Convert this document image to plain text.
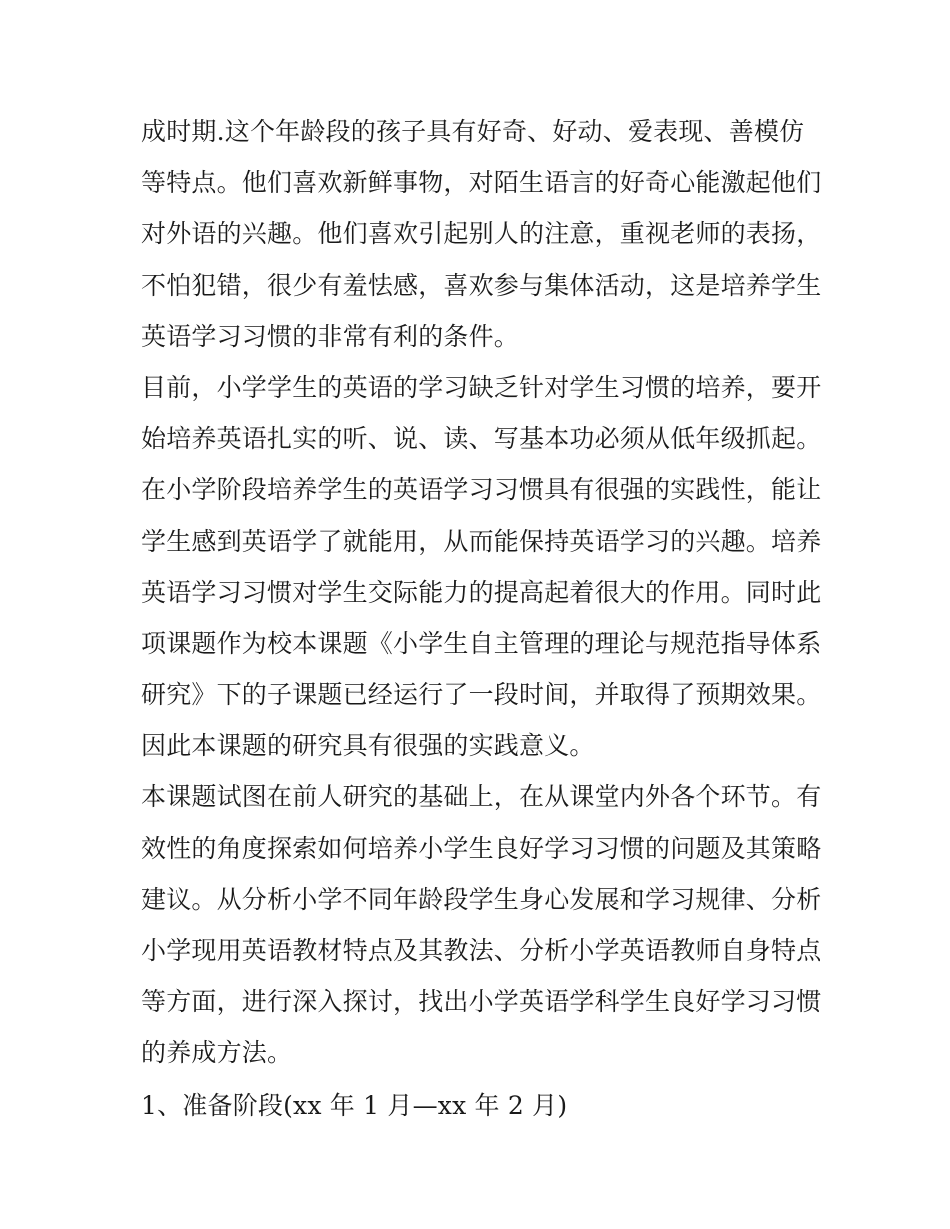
成时期.这个年龄段的孩子具有好奇、好动、爱表现、善模仿
等特点。他们喜欢新鲜事物，对陌生语言的好奇心能激起他们
对外语的兴趣。他们喜欢引起别人的注意，重视老师的表扬，
不怕犯错，很少有羞怯感，喜欢参与集体活动，这是培养学生
英语学习习惯的非常有利的条件。
目前，小学学生的英语的学习缺乏针对学生习惯的培养，要开
始培养英语扎实的听、说、读、写基本功必须从低年级抓起。
在小学阶段培养学生的英语学习习惯具有很强的实践性，能让
学生感到英语学了就能用，从而能保持英语学习的兴趣。培养
英语学习习惯对学生交际能力的提高起着很大的作用。同时此
项课题作为校本课题《小学生自主管理的理论与规范指导体系
研究》下的子课题已经运行了一段时间，并取得了预期效果。
因此本课题的研究具有很强的实践意义。
本课题试图在前人研究的基础上，在从课堂内外各个环节。有
效性的角度探索如何培养小学生良好学习习惯的问题及其策略
建议。从分析小学不同年龄段学生身心发展和学习规律、分析
小学现用英语教材特点及其教法、分析小学英语教师自身特点
等方面，进行深入探讨，找出小学英语学科学生良好学习习惯
的养成方法。
1、准备阶段(xx 年 1 月—xx 年 2 月)
